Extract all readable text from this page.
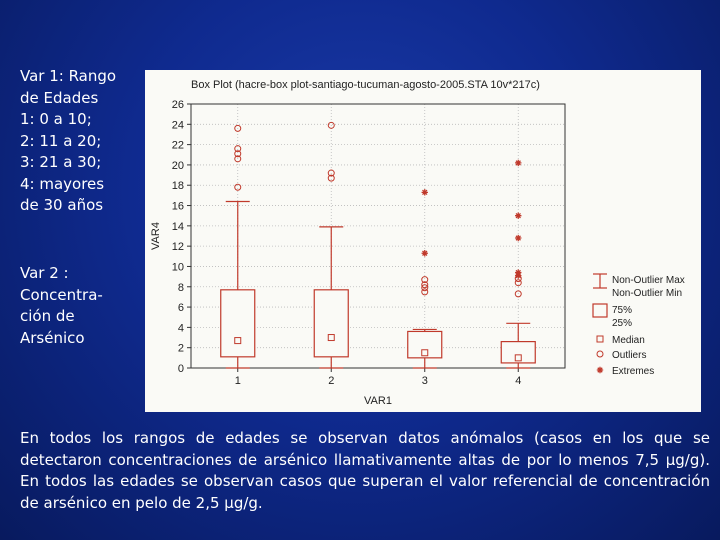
Var 1: Rango
de Edades
1: 0 a 10;
2: 11 a 20;
3: 21 a 30;
4: mayores
de 30 años
Var 2 :
Concentra-
ción de
Arsénico
Box Plot (hacre-box plot-santiago-tucuman-agosto-2005.STA 10v*217c)
0
2
4
6
8
10
12
14
16
18
20
22
24
26
1	2	3	4
VAR1
VAR4
Non-Outlier Max
Non-Outlier Min
75%
25%
Median
Outliers
Extremes
En todos los rangos de edades se observan datos anómalos (casos en los que se detectaron concentraciones de arsénico llamativamente altas de por lo menos 7,5 μg/g). En todos las edades se observan casos que superan el valor referencial de concentración de arsénico en pelo de 2,5 μg/g.
